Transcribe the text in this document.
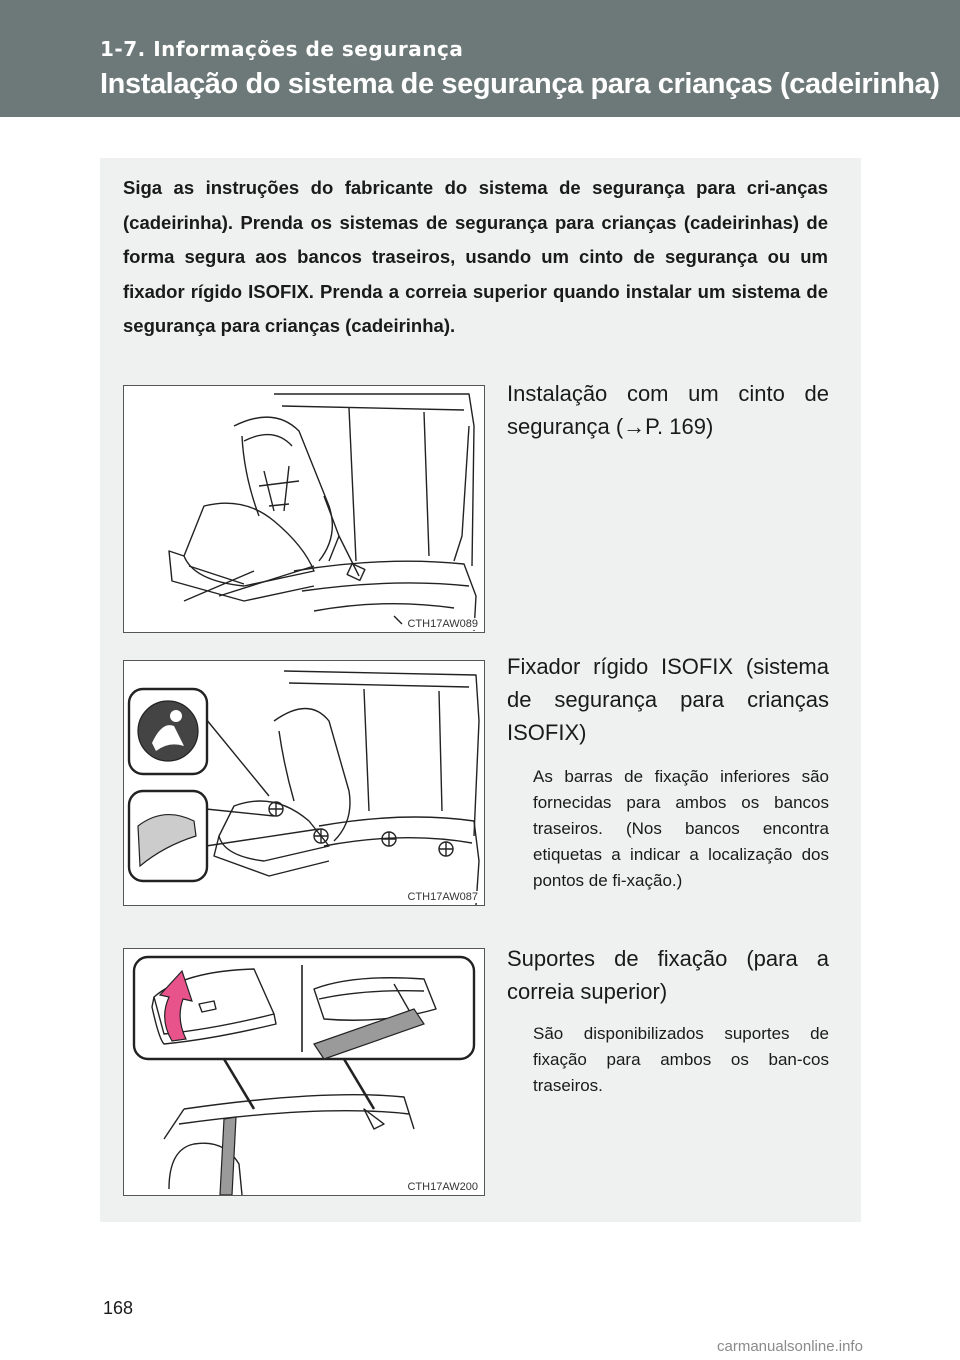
1-7. Informações de segurança
Instalação do sistema de segurança para crianças (cadeirinha)
Siga as instruções do fabricante do sistema de segurança para cri-anças (cadeirinha). Prenda os sistemas de segurança para crianças (cadeirinhas) de forma segura aos bancos traseiros, usando um cinto de segurança ou um fixador rígido ISOFIX. Prenda a correia superior quando instalar um sistema de segurança para crianças (cadeirinha).
CTH17AW089
Instalação com um cinto de segurança (→P. 169)
CTH17AW087
Fixador rígido ISOFIX (sistema de segurança para crianças ISOFIX)
As barras de fixação inferiores são fornecidas para ambos os bancos traseiros. (Nos bancos encontra etiquetas a indicar a localização dos pontos de fi-xação.)
CTH17AW200
Suportes de fixação (para a correia superior)
São disponibilizados suportes de fixação para ambos os ban-cos traseiros.
168
carmanualsonline.info
